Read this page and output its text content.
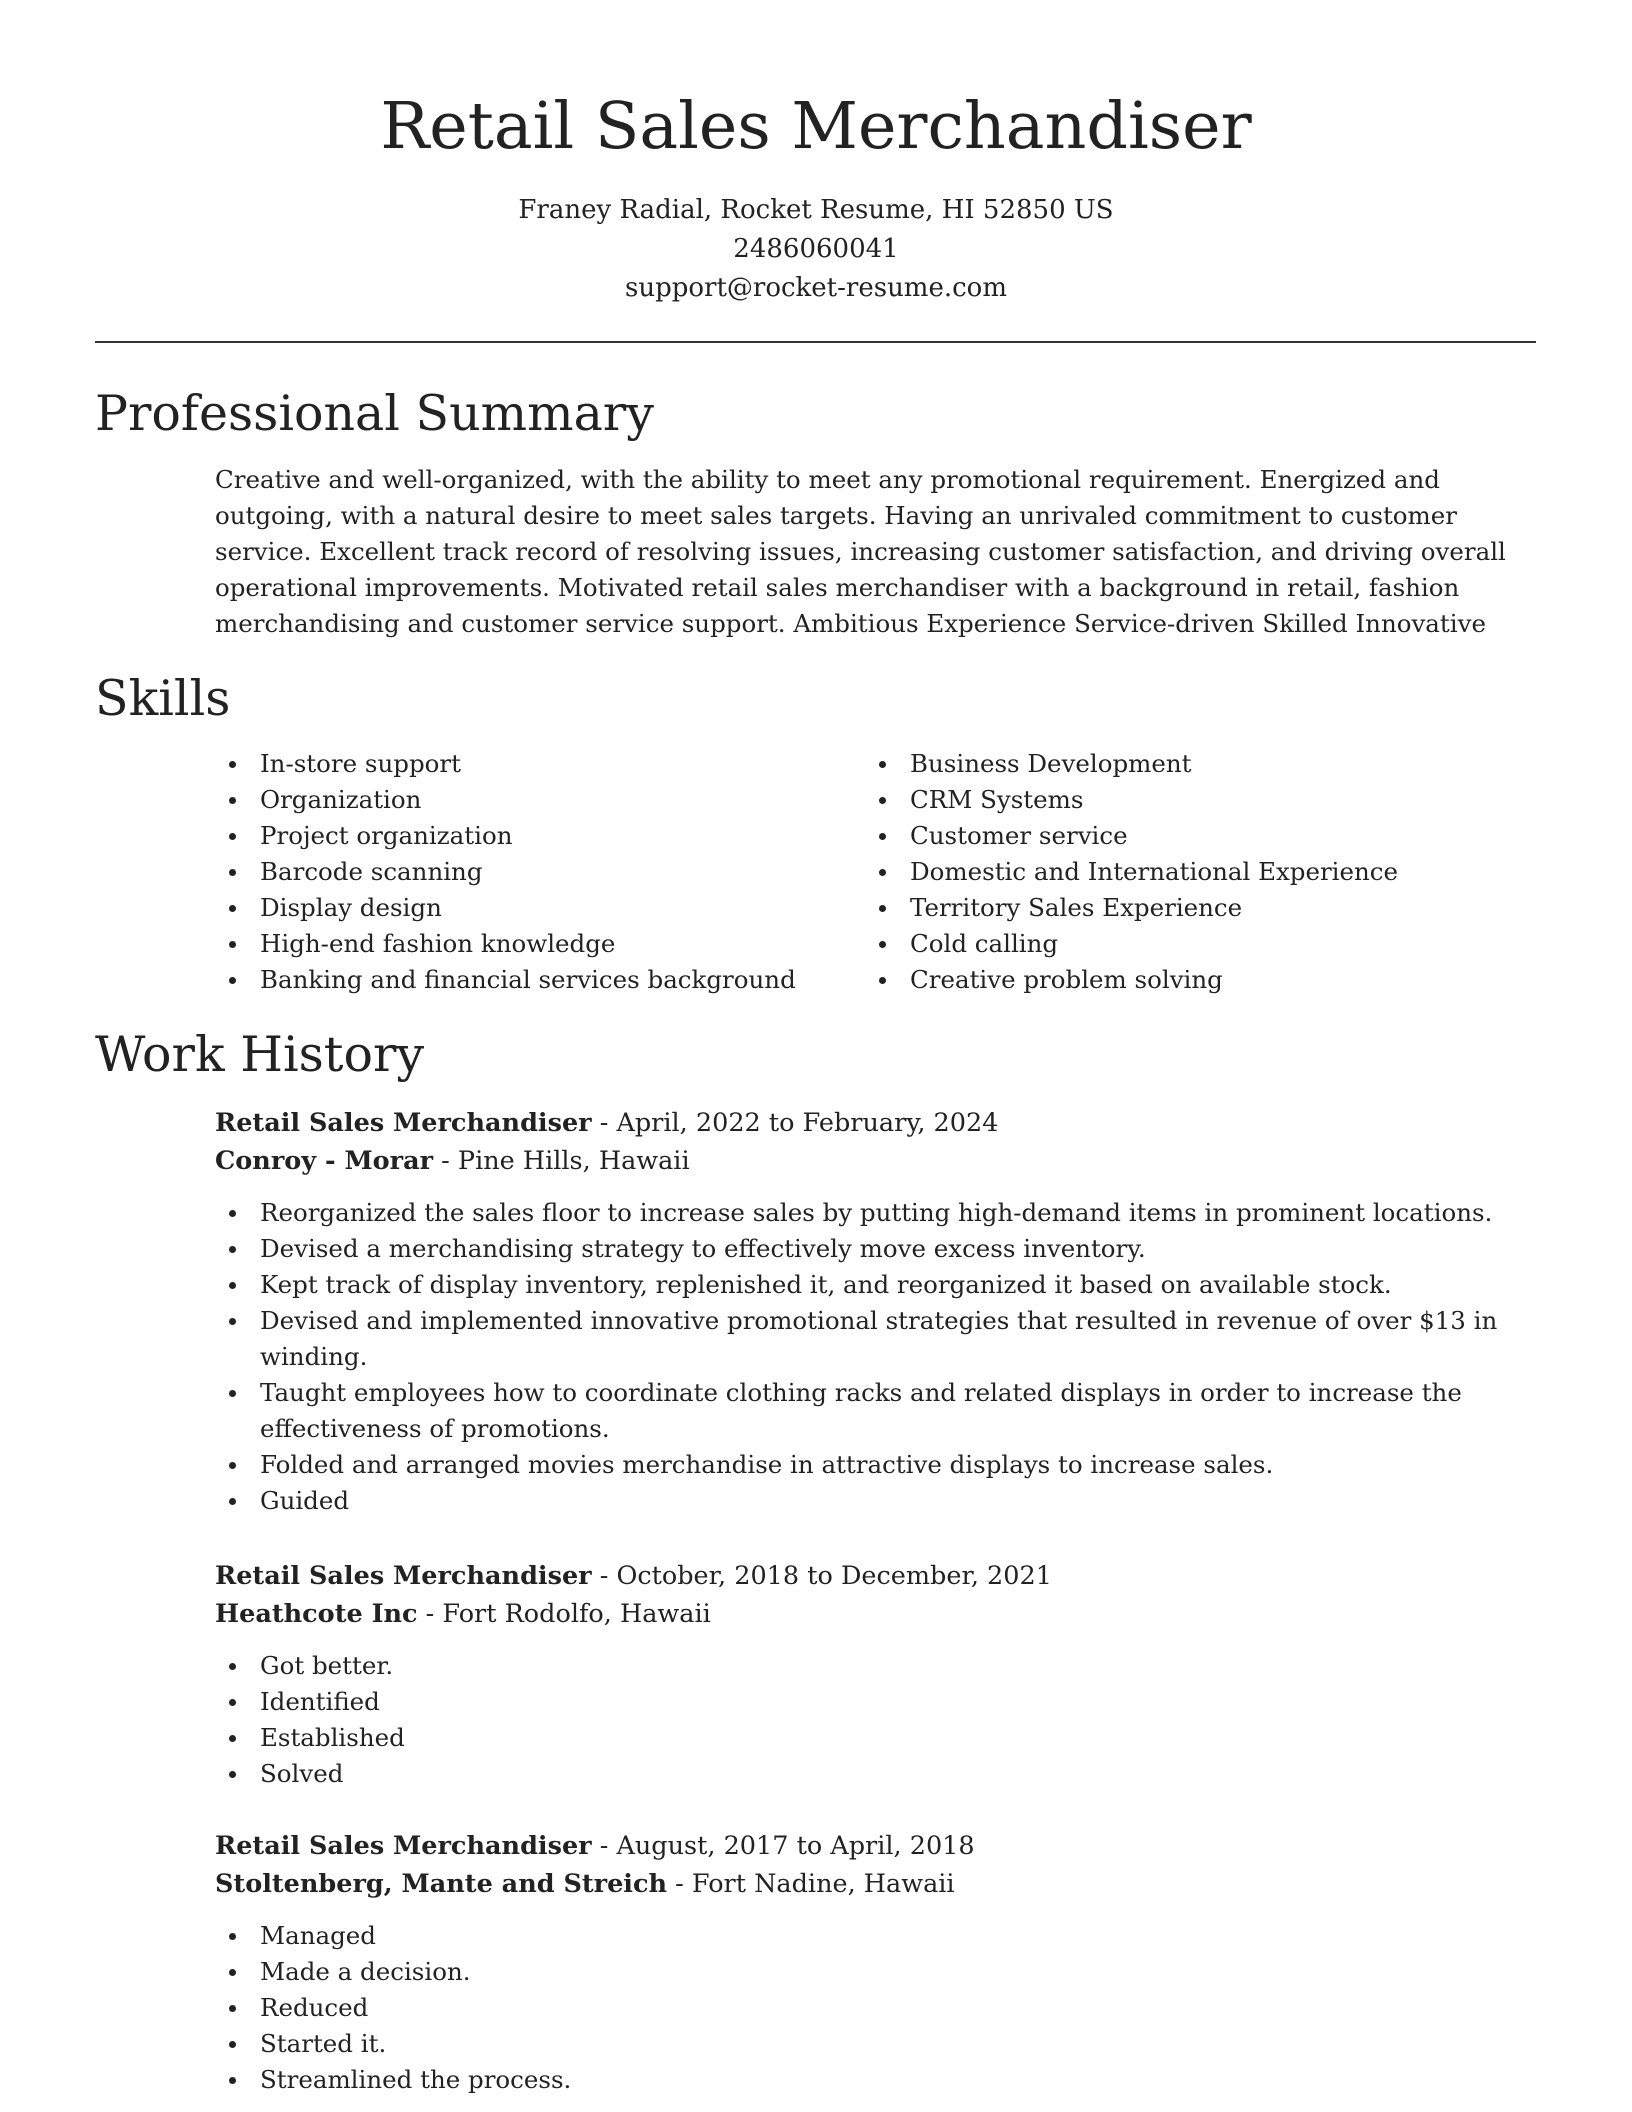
Retail Sales Merchandiser
Franey Radial, Rocket Resume, HI 52850 US
2486060041
support@rocket-resume.com
Professional Summary

Creative and well-organized, with the ability to meet any promotional requirement. Energized and outgoing, with a natural desire to meet sales targets. Having an unrivaled commitment to customer service. Excellent track record of resolving issues, increasing customer satisfaction, and driving overall operational improvements. Motivated retail sales merchandiser with a background in retail, fashion merchandising and customer service support. Ambitious Experience Service-driven Skilled Innovative

Skills
In-store support
Organization
Project organization
Barcode scanning
Display design
High-end fashion knowledge
Banking and financial services background
Business Development
CRM Systems
Customer service
Domestic and International Experience
Territory Sales Experience
Cold calling
Creative problem solving
Work History
Retail Sales Merchandiser - April, 2022 to February, 2024
Conroy - Morar - Pine Hills, Hawaii
Reorganized the sales floor to increase sales by putting high-demand items in prominent locations.
Devised a merchandising strategy to effectively move excess inventory.
Kept track of display inventory, replenished it, and reorganized it based on available stock.
Devised and implemented innovative promotional strategies that resulted in revenue of over $13 in winding.
Taught employees how to coordinate clothing racks and related displays in order to increase the effectiveness of promotions.
Folded and arranged movies merchandise in attractive displays to increase sales.
Guided
Retail Sales Merchandiser - October, 2018 to December, 2021
Heathcote Inc - Fort Rodolfo, Hawaii
Got better.
Identified
Established
Solved
Retail Sales Merchandiser - August, 2017 to April, 2018
Stoltenberg, Mante and Streich - Fort Nadine, Hawaii
Managed
Made a decision.
Reduced
Started it.
Streamlined the process.
